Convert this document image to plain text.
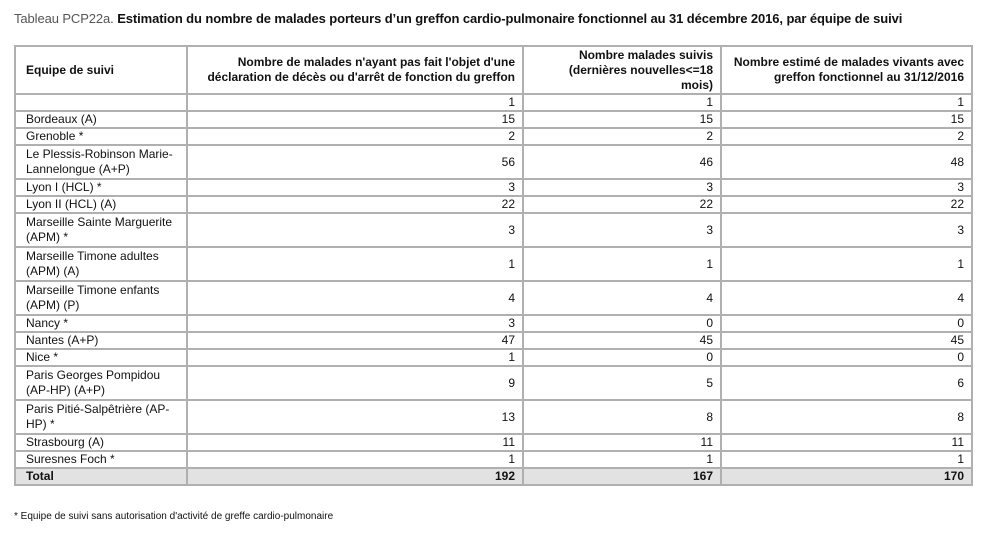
Tableau PCP22a. Estimation du nombre de malades porteurs d’un greffon cardio-pulmonaire fonctionnel au 31 décembre 2016, par équipe de suivi
Equipe de suivi	Nombre de malades n'ayant pas fait l'objet d'une déclaration de décès ou d'arrêt de fonction du greffon	Nombre malades suivis (dernières nouvelles<=18 mois)	Nombre estimé de malades vivants avec greffon fonctionnel au 31/12/2016
	1	1	1
Bordeaux (A)	15	15	15
Grenoble *	2	2	2
Le Plessis-Robinson Marie-Lannelongue (A+P)	56	46	48
Lyon I (HCL) *	3	3	3
Lyon II (HCL) (A)	22	22	22
Marseille Sainte Marguerite (APM) *	3	3	3
Marseille Timone adultes (APM) (A)	1	1	1
Marseille Timone enfants (APM) (P)	4	4	4
Nancy *	3	0	0
Nantes (A+P)	47	45	45
Nice *	1	0	0
Paris Georges Pompidou (AP-HP) (A+P)	9	5	6
Paris Pitié-Salpêtrière (AP-HP) *	13	8	8
Strasbourg (A)	11	11	11
Suresnes Foch *	1	1	1
Total	192	167	170
* Equipe de suivi sans autorisation d'activité de greffe cardio-pulmonaire
